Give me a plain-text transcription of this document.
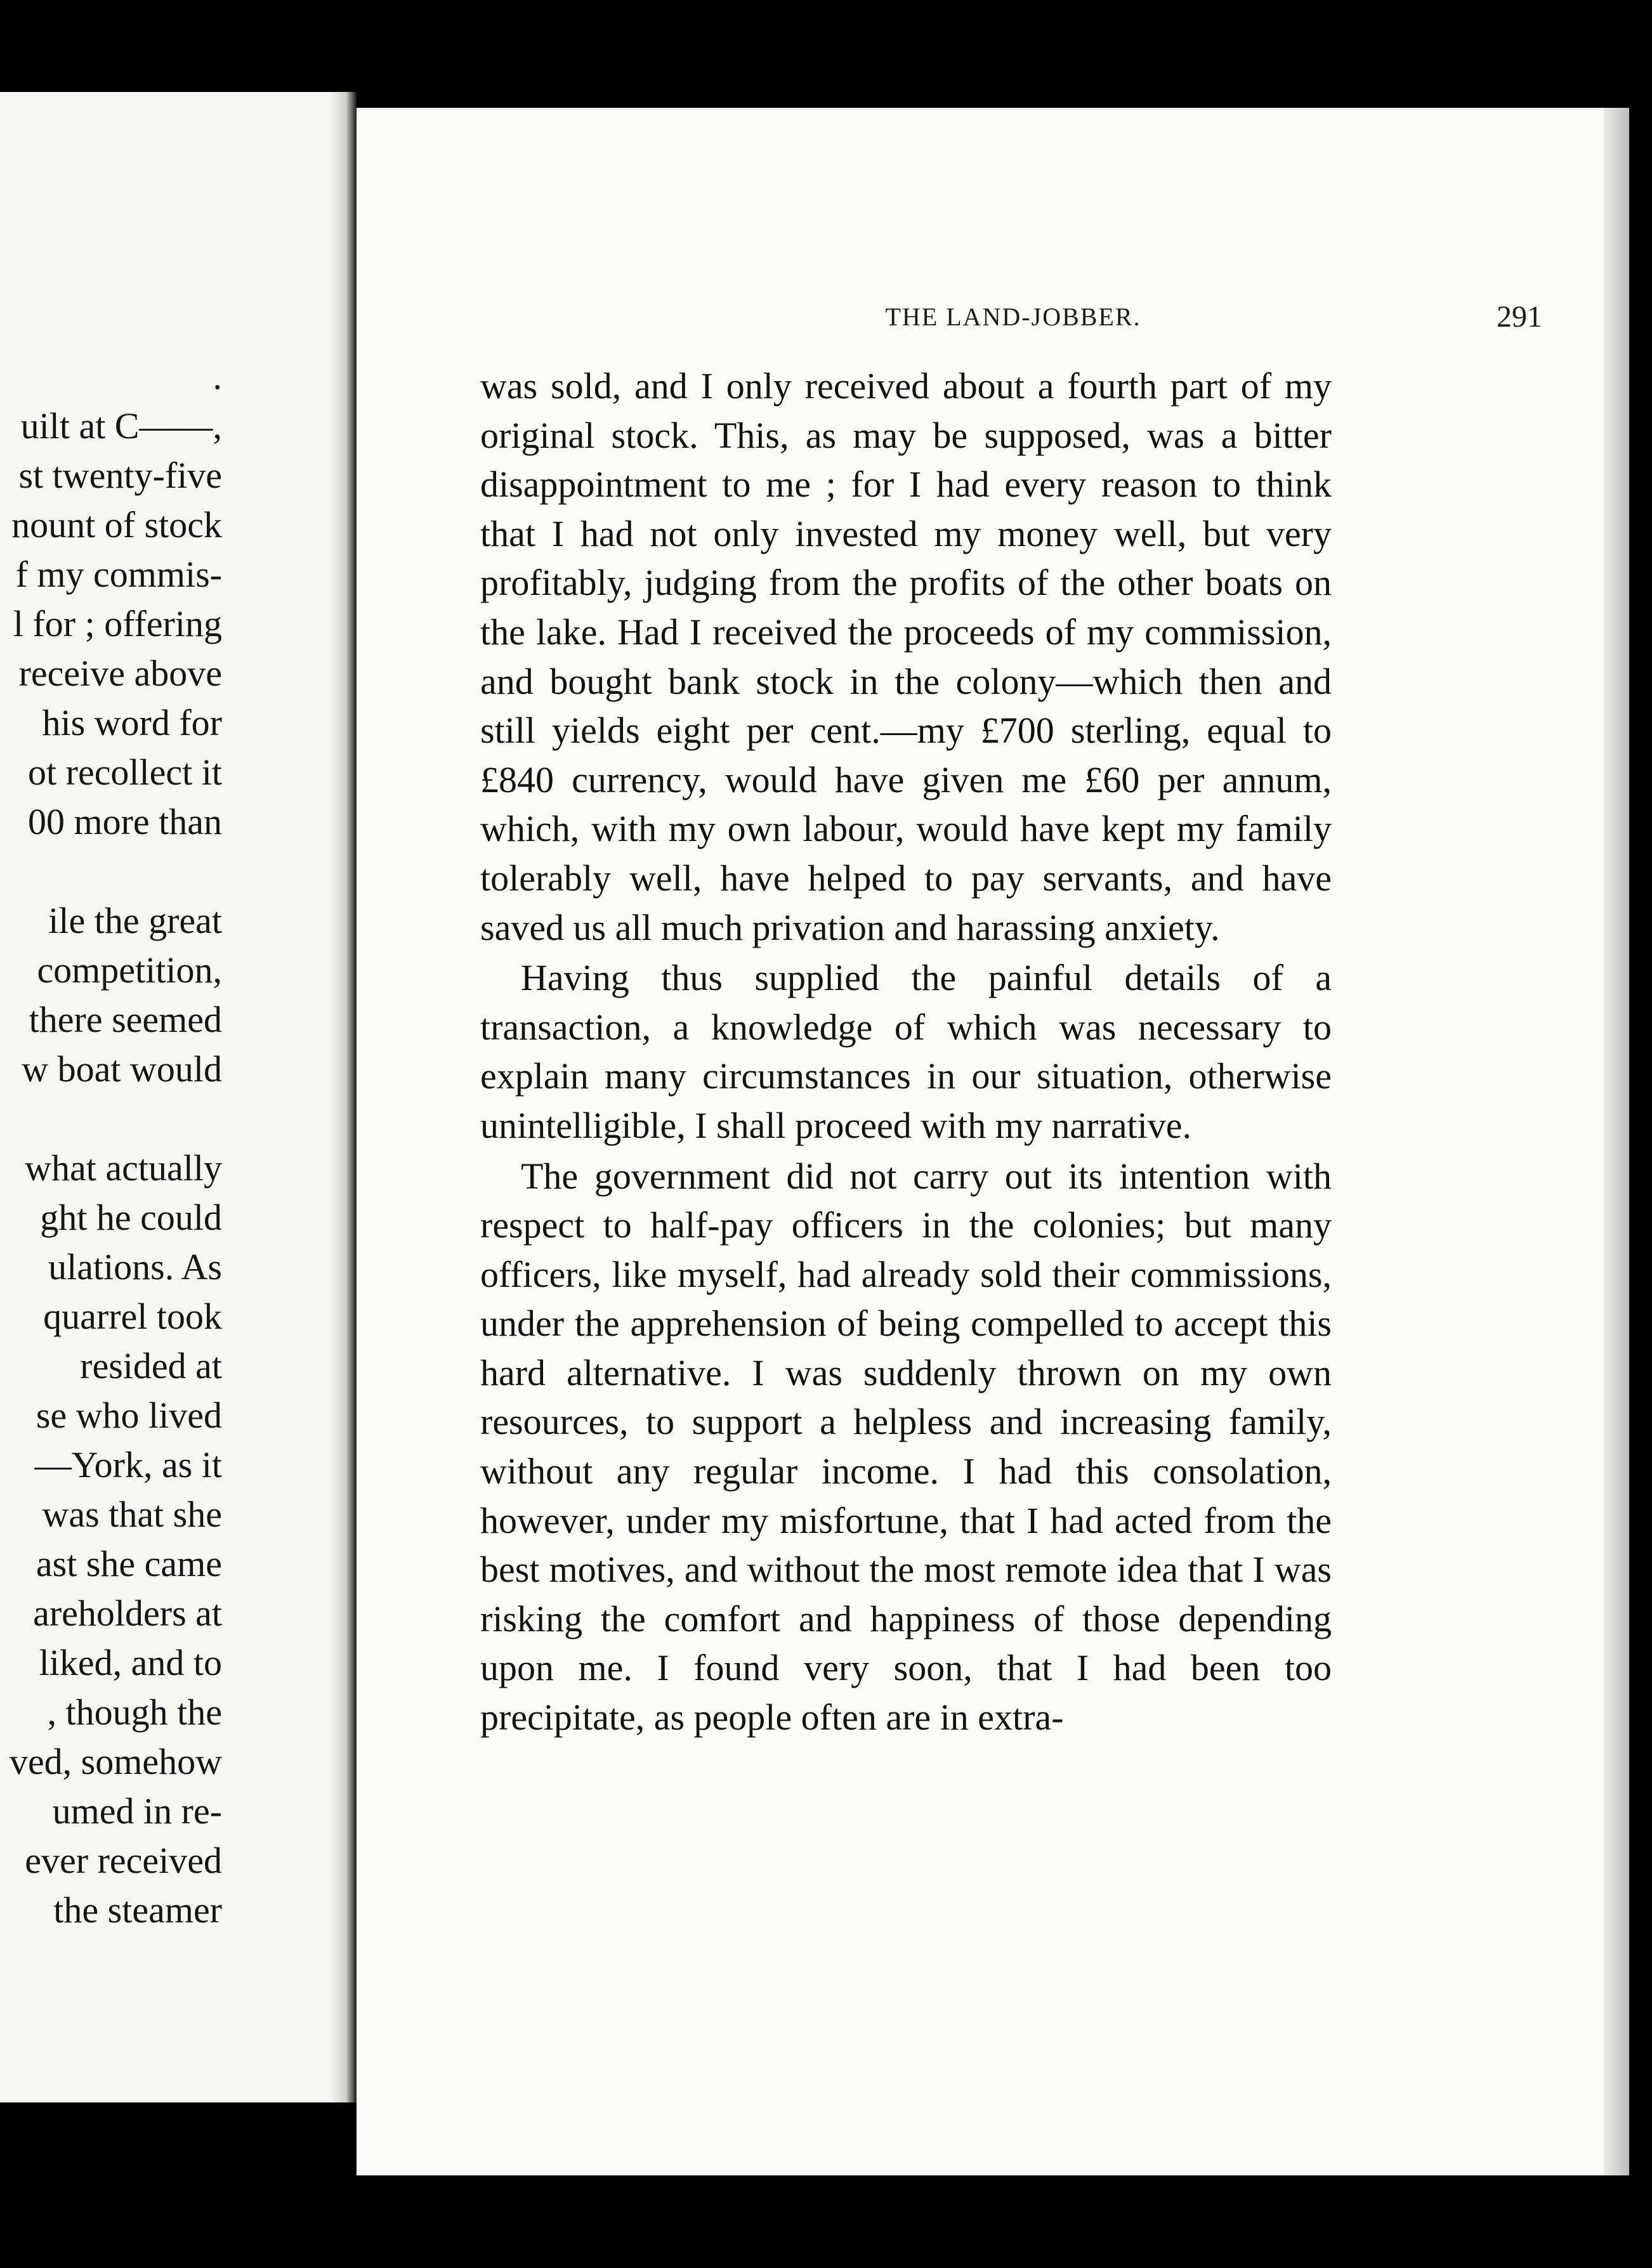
.
uilt at C——,
st twenty-five
nount of stock
f my commis-
l for ; offering
receive above
his word for
ot recollect it
00 more than
ile the great
competition,
there seemed
w boat would
what actually
ght he could
ulations. As
quarrel took
resided at
se who lived
—York, as it
was that she
ast she came
areholders at
liked, and to
, though the
ved, somehow
umed in re-
ever received
the steamer
THE LAND-JOBBER.	291

was sold, and I only received about a fourth part of my original stock. This, as may be supposed, was a bitter disappointment to me ; for I had every reason to think that I had not only invested my money well, but very profitably, judging from the profits of the other boats on the lake. Had I received the proceeds of my commission, and bought bank stock in the colony—which then and still yields eight per cent.—my £700 sterling, equal to £840 currency, would have given me £60 per annum, which, with my own labour, would have kept my family tolerably well, have helped to pay servants, and have saved us all much privation and harassing anxiety.

Having thus supplied the painful details of a transaction, a knowledge of which was necessary to explain many circumstances in our situation, otherwise unintelligible, I shall proceed with my narrative.

The government did not carry out its intention with respect to half-pay officers in the colonies; but many officers, like myself, had already sold their commissions, under the apprehension of being compelled to accept this hard alternative. I was suddenly thrown on my own resources, to support a helpless and increasing family, without any regular income. I had this consolation, however, under my misfortune, that I had acted from the best motives, and without the most remote idea that I was risking the comfort and happiness of those depending upon me. I found very soon, that I had been too precipitate, as people often are in extra-
